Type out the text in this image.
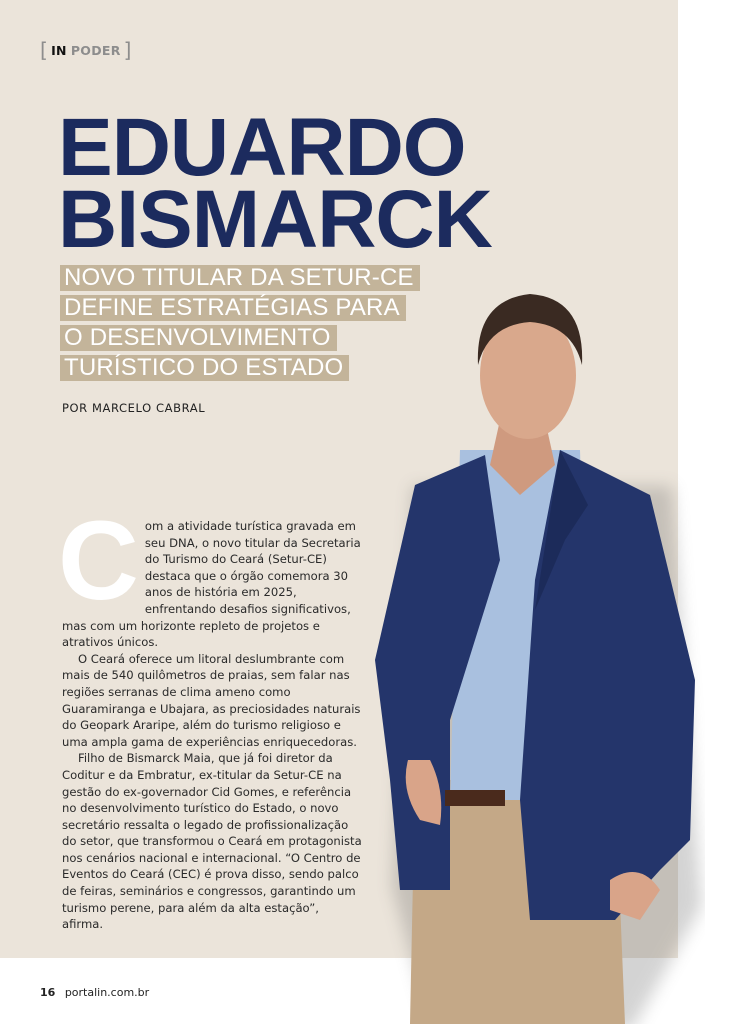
[ IN PODER ]
EDUARDO
BISMARCK
NOVO TITULAR DA SETUR-CE
DEFINE ESTRATÉGIAS PARA
O DESENVOLVIMENTO
TURÍSTICO DO ESTADO
POR MARCELO CABRAL
C om a atividade turística gravada em seu DNA, o novo titular da Secretaria do Turismo do Ceará (Setur-CE) destaca que o órgão comemora 30 anos de história em 2025, enfrentando desafios significativos, mas com um horizonte repleto de projetos e atrativos únicos.

O Ceará oferece um litoral deslumbrante com mais de 540 quilômetros de praias, sem falar nas regiões serranas de clima ameno como Guaramiranga e Ubajara, as preciosidades naturais do Geopark Araripe, além do turismo religioso e uma ampla gama de experiências enriquecedoras.

Filho de Bismarck Maia, que já foi diretor da Coditur e da Embratur, ex-titular da Setur-CE na gestão do ex-governador Cid Gomes, e referência no desenvolvimento turístico do Estado, o novo secretário ressalta o legado de profissionalização do setor, que transformou o Ceará em protagonista nos cenários nacional e internacional. “O Centro de Eventos do Ceará (CEC) é prova disso, sendo palco de feiras, seminários e congressos, garantindo um turismo perene, para além da alta estação”, afirma.

16 portalin.com.br
